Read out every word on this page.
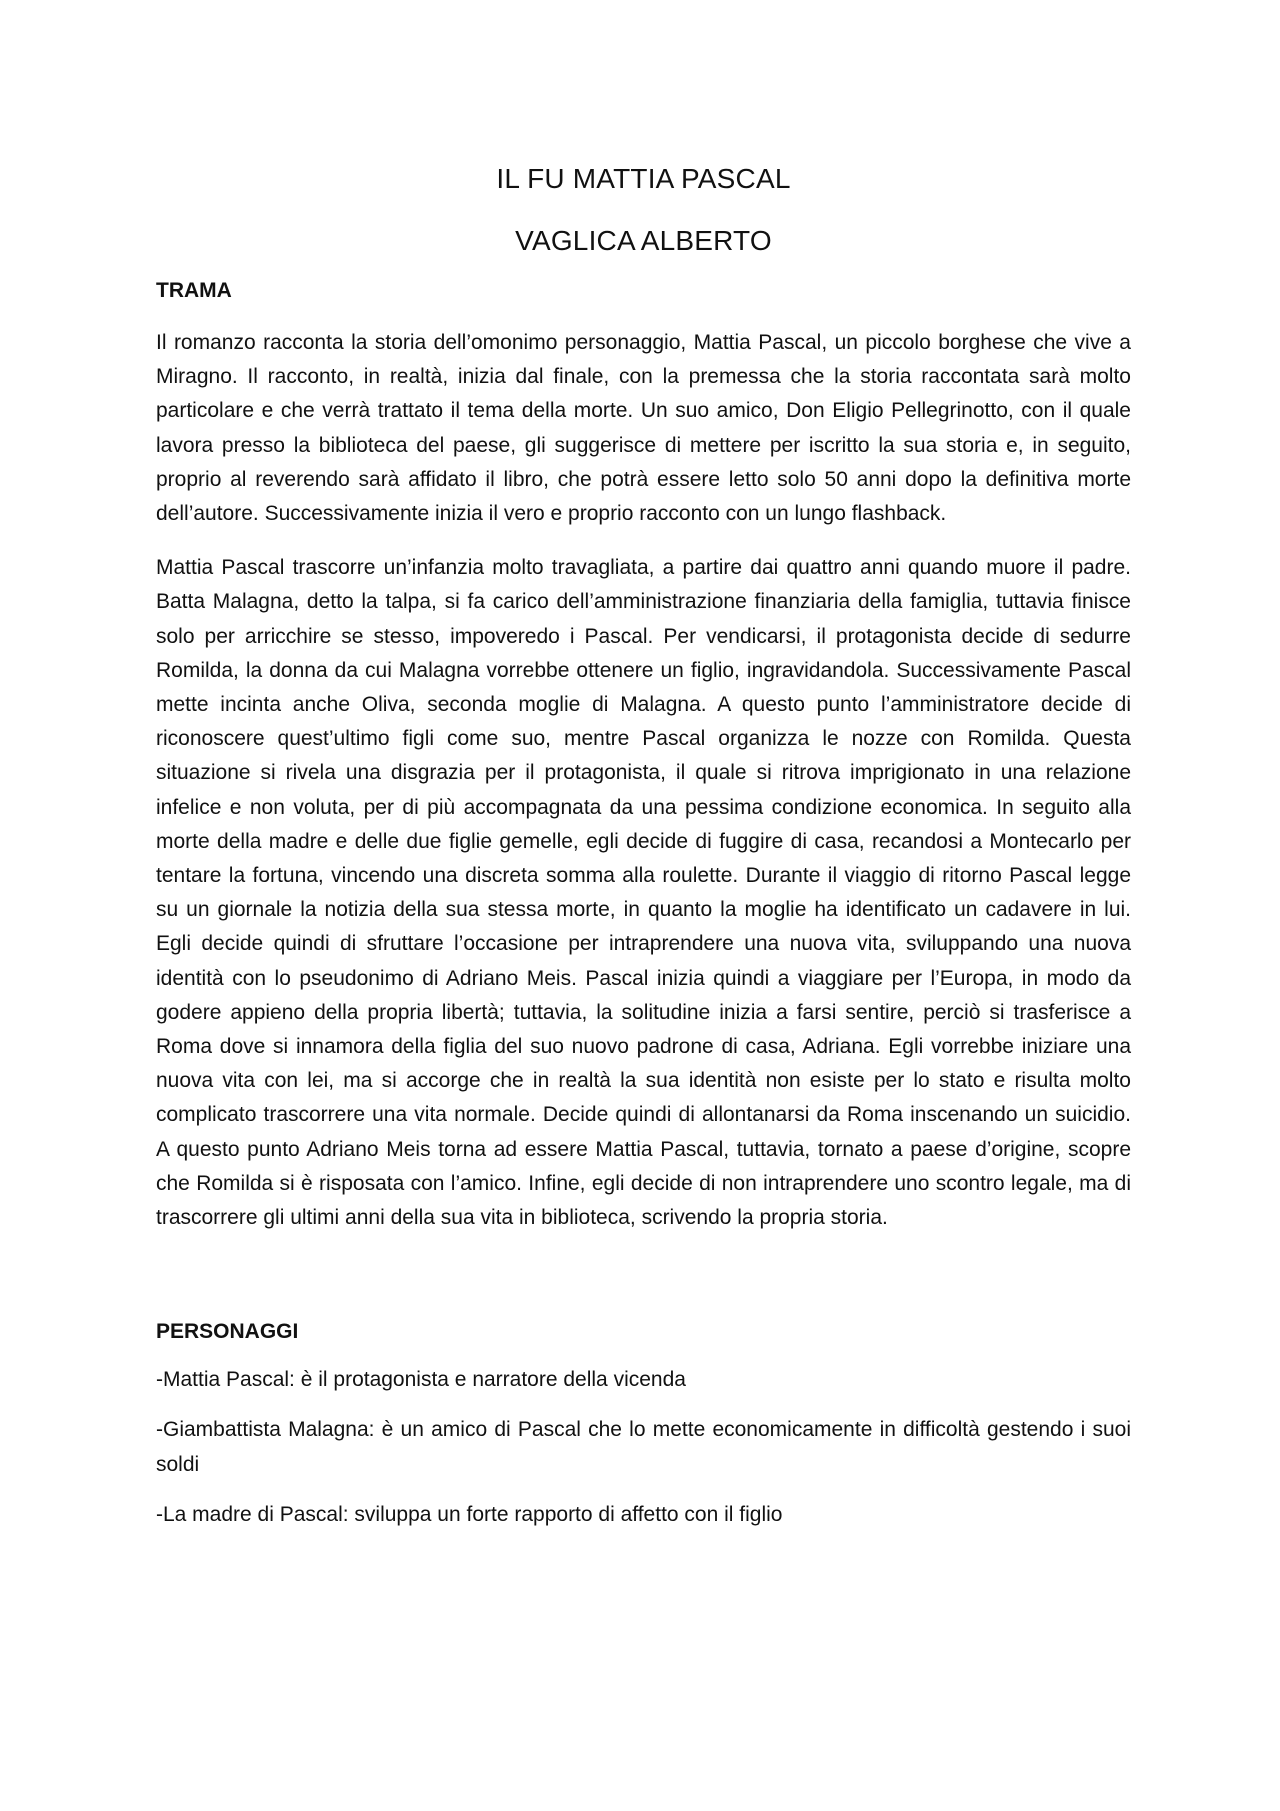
IL FU MATTIA PASCAL
VAGLICA ALBERTO
TRAMA

Il romanzo racconta la storia dell’omonimo personaggio, Mattia Pascal, un piccolo borghese che vive a Miragno. Il racconto, in realtà, inizia dal finale, con la premessa che la storia raccontata sarà molto particolare e che verrà trattato il tema della morte. Un suo amico, Don Eligio Pellegrinotto, con il quale lavora presso la biblioteca del paese, gli suggerisce di mettere per iscritto la sua storia e, in seguito, proprio al reverendo sarà affidato il libro, che potrà essere letto solo 50 anni dopo la definitiva morte dell’autore. Successivamente inizia il vero e proprio racconto con un lungo flashback.

Mattia Pascal trascorre un’infanzia molto travagliata, a partire dai quattro anni quando muore il padre. Batta Malagna, detto la talpa, si fa carico dell’amministrazione finanziaria della famiglia, tuttavia finisce solo per arricchire se stesso, impoveredo i Pascal. Per vendicarsi, il protagonista decide di sedurre Romilda, la donna da cui Malagna vorrebbe ottenere un figlio, ingravidandola. Successivamente Pascal mette incinta anche Oliva, seconda moglie di Malagna. A questo punto l’amministratore decide di riconoscere quest’ultimo figli come suo, mentre Pascal organizza le nozze con Romilda. Questa situazione si rivela una disgrazia per il protagonista, il quale si ritrova imprigionato in una relazione infelice e non voluta, per di più accompagnata da una pessima condizione economica. In seguito alla morte della madre e delle due figlie gemelle, egli decide di fuggire di casa, recandosi a Montecarlo per tentare la fortuna, vincendo una discreta somma alla roulette. Durante il viaggio di ritorno Pascal legge su un giornale la notizia della sua stessa morte, in quanto la moglie ha identificato un cadavere in lui. Egli decide quindi di sfruttare l’occasione per intraprendere una nuova vita, sviluppando una nuova identità con lo pseudonimo di Adriano Meis. Pascal inizia quindi a viaggiare per l’Europa, in modo da godere appieno della propria libertà; tuttavia, la solitudine inizia a farsi sentire, perciò si trasferisce a Roma dove si innamora della figlia del suo nuovo padrone di casa, Adriana. Egli vorrebbe iniziare una nuova vita con lei, ma si accorge che in realtà la sua identità non esiste per lo stato e risulta molto complicato trascorrere una vita normale. Decide quindi di allontanarsi da Roma inscenando un suicidio. A questo punto Adriano Meis torna ad essere Mattia Pascal, tuttavia, tornato a paese d’origine, scopre che Romilda si è risposata con l’amico. Infine, egli decide di non intraprendere uno scontro legale, ma di trascorrere gli ultimi anni della sua vita in biblioteca, scrivendo la propria storia.

PERSONAGGI

-Mattia Pascal: è il protagonista e narratore della vicenda

-Giambattista Malagna: è un amico di Pascal che lo mette economicamente in difficoltà gestendo i suoi soldi

-La madre di Pascal: sviluppa un forte rapporto di affetto con il figlio
